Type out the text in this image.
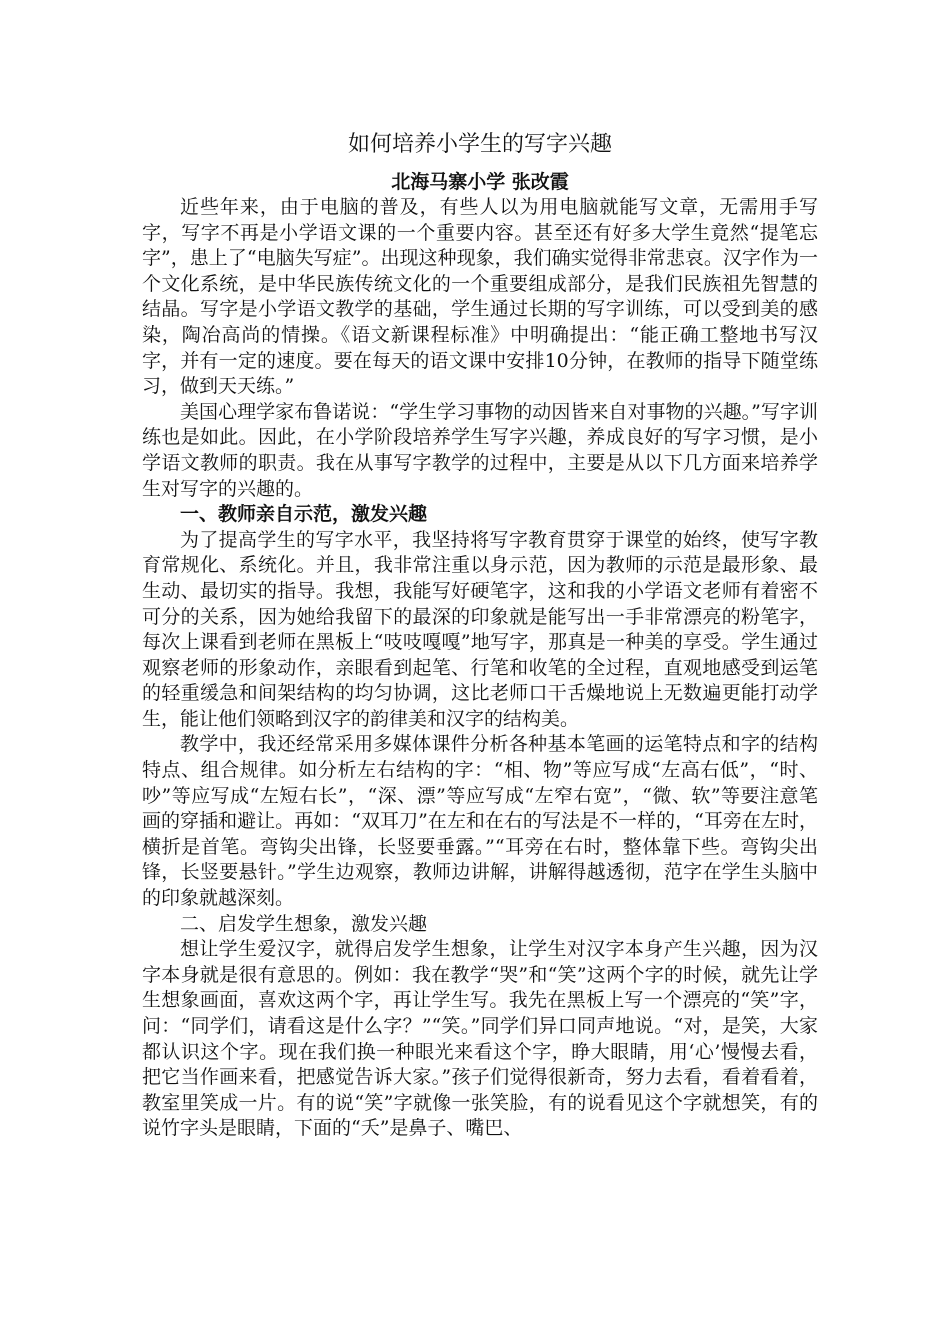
如何培养小学生的写字兴趣

北海马寨小学 张改霞

近些年来，由于电脑的普及，有些人以为用电脑就能写文章，无需用手写字，写字不再是小学语文课的一个重要内容。甚至还有好多大学生竟然“提笔忘字”，患上了“电脑失写症”。出现这种现象，我们确实觉得非常悲哀。汉字作为一个文化系统，是中华民族传统文化的一个重要组成部分，是我们民族祖先智慧的结晶。写字是小学语文教学的基础，学生通过长期的写字训练，可以受到美的感染，陶冶高尚的情操。《语文新课程标准》中明确提出：“能正确工整地书写汉字，并有一定的速度。要在每天的语文课中安排10分钟，在教师的指导下随堂练习，做到天天练。”

美国心理学家布鲁诺说：“学生学习事物的动因皆来自对事物的兴趣。”写字训练也是如此。因此，在小学阶段培养学生写字兴趣，养成良好的写字习惯，是小学语文教师的职责。我在从事写字教学的过程中，主要是从以下几方面来培养学生对写字的兴趣的。

一、教师亲自示范，激发兴趣

为了提高学生的写字水平，我坚持将写字教育贯穿于课堂的始终，使写字教育常规化、系统化。并且，我非常注重以身示范，因为教师的示范是最形象、最生动、最切实的指导。我想，我能写好硬笔字，这和我的小学语文老师有着密不可分的关系，因为她给我留下的最深的印象就是能写出一手非常漂亮的粉笔字，每次上课看到老师在黑板上“吱吱嘎嘎”地写字，那真是一种美的享受。学生通过观察老师的形象动作，亲眼看到起笔、行笔和收笔的全过程，直观地感受到运笔的轻重缓急和间架结构的均匀协调，这比老师口干舌燥地说上无数遍更能打动学生，能让他们领略到汉字的韵律美和汉字的结构美。

教学中，我还经常采用多媒体课件分析各种基本笔画的运笔特点和字的结构特点、组合规律。如分析左右结构的字：“相、物”等应写成“左高右低”，“时、吵”等应写成“左短右长”，“深、漂”等应写成“左窄右宽”，“微、软”等要注意笔画的穿插和避让。再如：“双耳刀”在左和在右的写法是不一样的，“耳旁在左时，横折是首笔。弯钩尖出锋，长竖要垂露。”“耳旁在右时，整体靠下些。弯钩尖出锋，长竖要悬针。”学生边观察，教师边讲解，讲解得越透彻，范字在学生头脑中的印象就越深刻。

二、启发学生想象，激发兴趣

想让学生爱汉字，就得启发学生想象，让学生对汉字本身产生兴趣，因为汉字本身就是很有意思的。例如：我在教学“哭”和“笑”这两个字的时候，就先让学生想象画面，喜欢这两个字，再让学生写。我先在黑板上写一个漂亮的“笑”字，问：“同学们，请看这是什么字？”“笑。”同学们异口同声地说。“对，是笑，大家都认识这个字。现在我们换一种眼光来看这个字，睁大眼睛，用‘心’慢慢去看，把它当作画来看，把感觉告诉大家。”孩子们觉得很新奇，努力去看，看着看着，教室里笑成一片。有的说“笑”字就像一张笑脸，有的说看见这个字就想笑，有的说竹字头是眼睛，下面的“夭”是鼻子、嘴巴、
